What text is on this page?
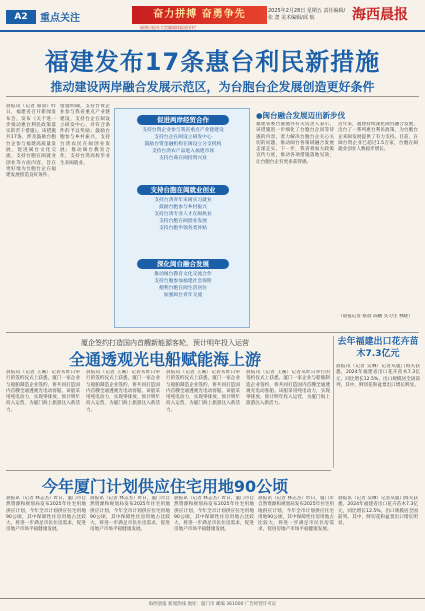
A2	重点关注	奋力拼搏 奋勇争先
福建日报社大型融媒体报道专栏
2025年2月28日 星期五 责任编辑/张 蔷 美术编辑/邱 航	海西晨报
福建发布17条惠台利民新措施
推动建设两岸融合发展示范区，为台胞台企发展创造更好条件
晨报讯（记者 蔡晨）昨日，福建省召开新闻发布会，发布《关于进一步推动惠台利民政策落实的若干措施》。该措施共17条，涉及鼓励台胞台企参与福建高质量发展、促进闽台文化交流、支持台胞在闽就业创业等方面内容，旨在更好地为台胞台企在福建发展创造良好条件。
措施明确，支持台资企业参与我省重点产业链建设，支持台企在闽设立研发中心，对符合条件的予以奖励；鼓励台胞参与乡村振兴，支持台湾农民在闽创业发展；推动闽台教育合作，支持台湾高校毕业生来闽就业。
促进两岸经贸合作
支持台资企业参与我省重点产业链建设
支持台企在闽设立研发中心
鼓励台资金融机构在闽设立分支机构
支持台湾农产品进入福建市场
支持台商在闽投资兴业
支持台胞在闽就业创业
支持台湾青年来闽实习就业
鼓励台胞参与乡村振兴
支持台湾专业人才在闽执业
支持台胞在闽创业发展
支持台胞申领各类补贴
深化闽台融合发展
推动闽台教育文化交流合作
支持台胞参加福建社会保险
便利台胞在闽生活居住
加强闽台青年交流
●闽台融合发展迈出新步伐
福建省委台港澳办有关负责人表示，该措施进一步细化了台胞台企同等待遇的内容，着力解决台胞台企关心关切的问题，推动闽台各领域融合发展走深走实。下一步，我省将加大政策宣传力度，推动各项措施落地见效，让台胞台企有更多获得感。
近年来，福建持续深化闽台融合发展，出台了一系列惠台利民政策，为台胞台企来闽发展提供了有力支持。目前，在闽台资企业已超过1.5万家，台胞在闽就业创业人数稳步增长。
（晨报记者 蔡晨 陈鹏 实习生 林晓）
厦企签约打造国内首艘新能源客轮，预计明年投入运营
全通透观光电船赋能海上游
晨报讯（记者 王溪）记者从昨日举行的签约仪式上获悉，厦门一家企业与船舶制造企业签约，将共同打造国内首艘全通透观光电动客船。该船采用纯电动力，实现零排放，预计明年投入运营，为厦门海上旅游注入新活力。
晨报讯（记者 王溪）记者从昨日举行的签约仪式上获悉，厦门一家企业与船舶制造企业签约，将共同打造国内首艘全通透观光电动客船。该船采用纯电动力，实现零排放，预计明年投入运营，为厦门海上旅游注入新活力。
晨报讯（记者 王溪）记者从昨日举行的签约仪式上获悉，厦门一家企业与船舶制造企业签约，将共同打造国内首艘全通透观光电动客船。该船采用纯电动力，实现零排放，预计明年投入运营，为厦门海上旅游注入新活力。
晨报讯（记者 王溪）记者从昨日举行的签约仪式上获悉，厦门一家企业与船舶制造企业签约，将共同打造国内首艘全通透观光电动客船。该船采用纯电动力，实现零排放，预计明年投入运营，为厦门海上旅游注入新活力。
去年福建出口花卉苗木7.3亿元
晨报讯（记者 吴琳）记者从厦门海关获悉，2024年福建省出口花卉苗木7.3亿元，同比增长12.5%，出口规模居全国前列。其中，鲜切花和盆景出口增长明显。
今年厦门计划供应住宅用地90公顷
晨报讯（记者 林志杰）昨日，厦门市自然资源和规划局发布2025年住宅用地供应计划，今年全市计划供应住宅用地90公顷，其中保障性住房用地占比较大，将进一步满足市民住房需求，促进房地产市场平稳健康发展。
晨报讯（记者 林志杰）昨日，厦门市自然资源和规划局发布2025年住宅用地供应计划，今年全市计划供应住宅用地90公顷，其中保障性住房用地占比较大，将进一步满足市民住房需求，促进房地产市场平稳健康发展。
晨报讯（记者 林志杰）昨日，厦门市自然资源和规划局发布2025年住宅用地供应计划，今年全市计划供应住宅用地90公顷，其中保障性住房用地占比较大，将进一步满足市民住房需求，促进房地产市场平稳健康发展。
晨报讯（记者 林志杰）昨日，厦门市自然资源和规划局发布2025年住宅用地供应计划，今年全市计划供应住宅用地90公顷，其中保障性住房用地占比较大，将进一步满足市民住房需求，促进房地产市场平稳健康发展。
晨报讯（记者 吴琳）记者从厦门海关获悉，2024年福建省出口花卉苗木7.3亿元，同比增长12.5%，出口规模居全国前列。其中，鲜切花和盆景出口增长明显。
海西晨报 新闻热线 地址：厦门市 邮编 361000 广告经营许可证
